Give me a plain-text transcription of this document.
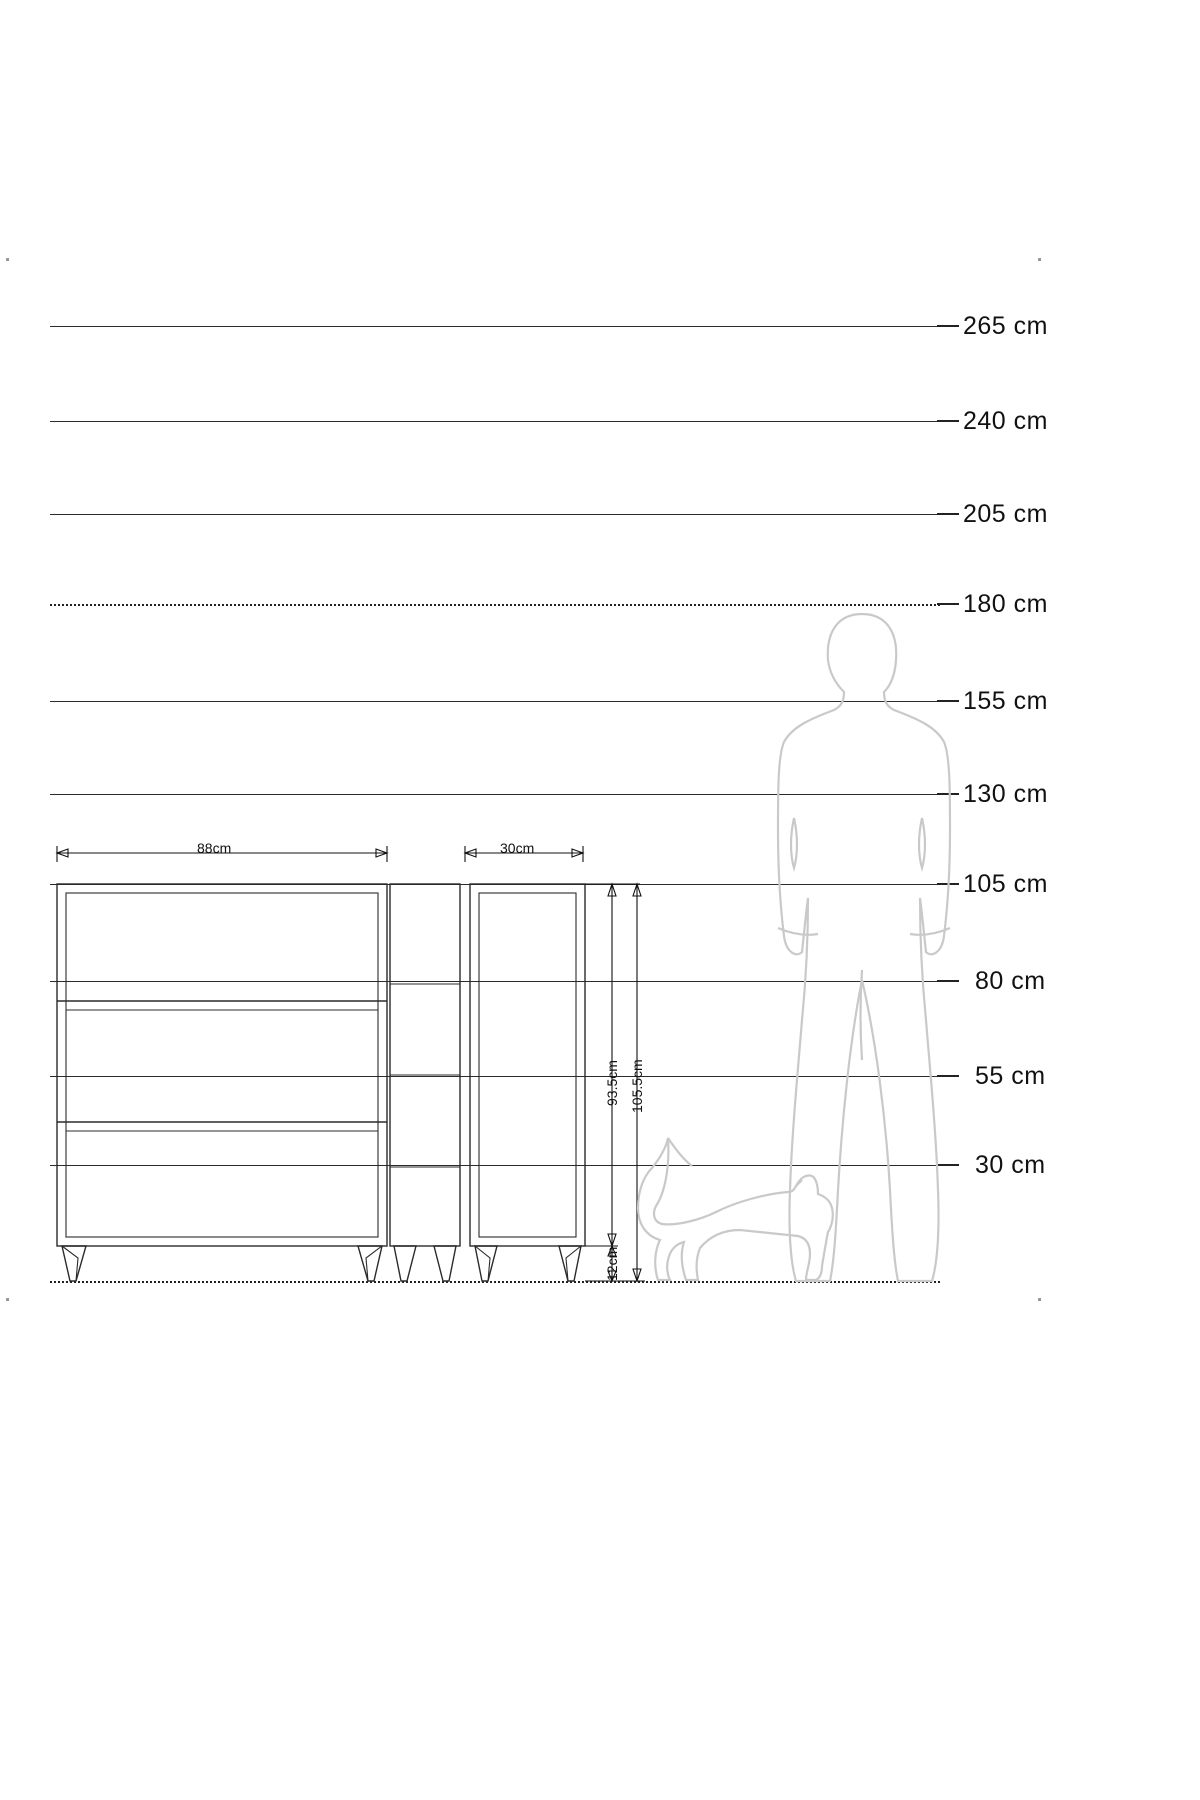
265 cm
240 cm
205 cm
180 cm
155 cm
130 cm
105 cm
80 cm
55 cm
30 cm
88cm	30cm
93.5cm 105.5cm
12cm
